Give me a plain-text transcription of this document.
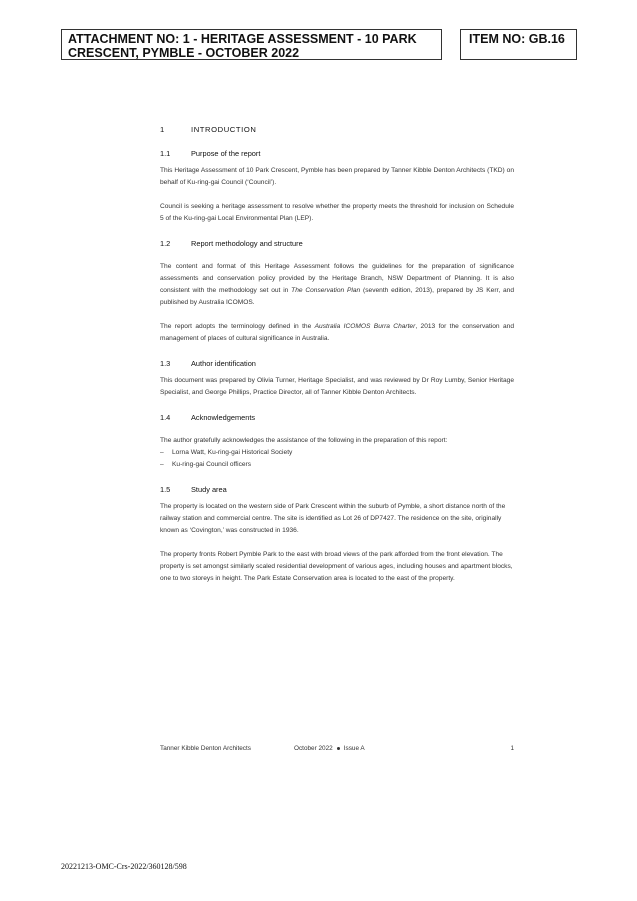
ATTACHMENT NO: 1 - HERITAGE ASSESSMENT - 10 PARK
CRESCENT, PYMBLE - OCTOBER 2022
ITEM NO: GB.16
1	INTRODUCTION
1.1	Purpose of the report

This Heritage Assessment of 10 Park Crescent, Pymble has been prepared by Tanner Kibble Denton Architects (TKD) on behalf of Ku-ring-gai Council (‘Council’).

Council is seeking a heritage assessment to resolve whether the property meets the threshold for inclusion on Schedule 5 of the Ku-ring-gai Local Environmental Plan (LEP).

1.2	Report methodology and structure

The content and format of this Heritage Assessment follows the guidelines for the preparation of significance assessments and conservation policy provided by the Heritage Branch, NSW Department of Planning. It is also consistent with the methodology set out in The Conservation Plan (seventh edition, 2013), prepared by JS Kerr, and published by Australia ICOMOS.

The report adopts the terminology defined in the Australia ICOMOS Burra Charter, 2013 for the conservation and management of places of cultural significance in Australia.

1.3	Author identification

This document was prepared by Olivia Turner, Heritage Specialist, and was reviewed by Dr Roy Lumby, Senior Heritage Specialist, and George Phillips, Practice Director, all of Tanner Kibble Denton Architects.

1.4	Acknowledgements

The author gratefully acknowledges the assistance of the following in the preparation of this report:

–	Lorna Watt, Ku-ring-gai Historical Society
–	Ku-ring-gai Council officers
1.5	Study area

The property is located on the western side of Park Crescent within the suburb of Pymble, a short distance north of the railway station and commercial centre. The site is identified as Lot 26 of DP7427. The residence on the site, originally known as ‘Covington,’ was constructed in 1936.

The property fronts Robert Pymble Park to the east with broad views of the park afforded from the front elevation. The property is set amongst similarly scaled residential development of various ages, including houses and apartment blocks, one to two storeys in height. The Park Estate Conservation area is located to the east of the property.

Tanner Kibble Denton Architects	October 2022 Issue A	1
20221213-OMC-Crs-2022/360128/598
